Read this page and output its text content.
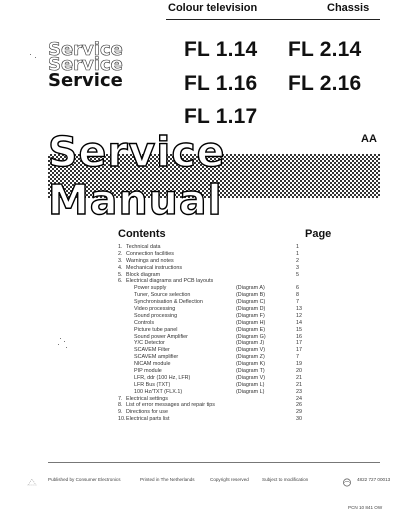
Colour television	Chassis
Service
Service
Service
FL 1.14 FL 2.14
FL 1.16 FL 2.16
FL 1.17
AA
Service Manual
Contents	Page
1. Technical data	1
2. Connection facilities	1
3. Warnings and notes	2
4. Mechanical instructions	3
5. Block diagram	5
6. Electrical diagrams and PCB layouts
Power supply	(Diagram A)	6
Tuner, Source selection	(Diagram B)	8
Synchronisation & Deflection	(Diagram C)	7
Video processing	(Diagram D)	13
Sound processing	(Diagram F)	12
Controls	(Diagram H)	14
Picture tube panel	(Diagram E)	15
Sound power Amplifier	(Diagram G)	16
Y/C Detector	(Diagram J)	17
SCAVEM Filter	(Diagram V)	17
SCAVEM amplifier	(Diagram Z)	7
NICAM module	(Diagram K)	19
PIP module	(Diagram T)	20
LFR, ddr (100 Hz, LFR)	(Diagram V)	21
LFR Bus (TXT)	(Diagram L)	21
100 Hz/TXT (FLX.1)	(Diagram L)	23
7. Electrical settings	24
8. List of error messages and repair tips	26
9. Directions for use	29
10. Electrical parts list	30
Published by Consumer Electronics	Printed in The Netherlands	Copyright reserved	Subject to modification	4822 727 00013
PCN 10 841 OW
